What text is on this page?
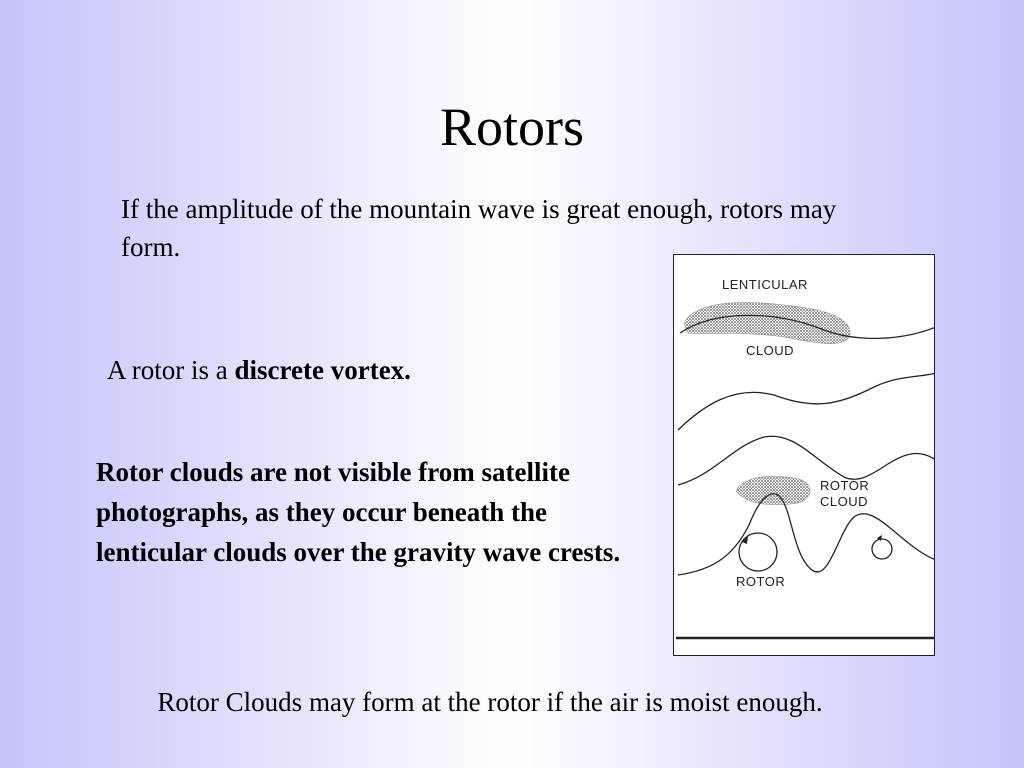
Rotors
If the amplitude of the mountain wave is great enough, rotors may form.
A rotor is a discrete vortex.
Rotor clouds are not visible from satellite photographs, as they occur beneath the lenticular clouds over the gravity wave crests.
LENTICULAR
CLOUD
ROTOR
CLOUD
ROTOR
Rotor Clouds may form at the rotor if the air is moist enough.
